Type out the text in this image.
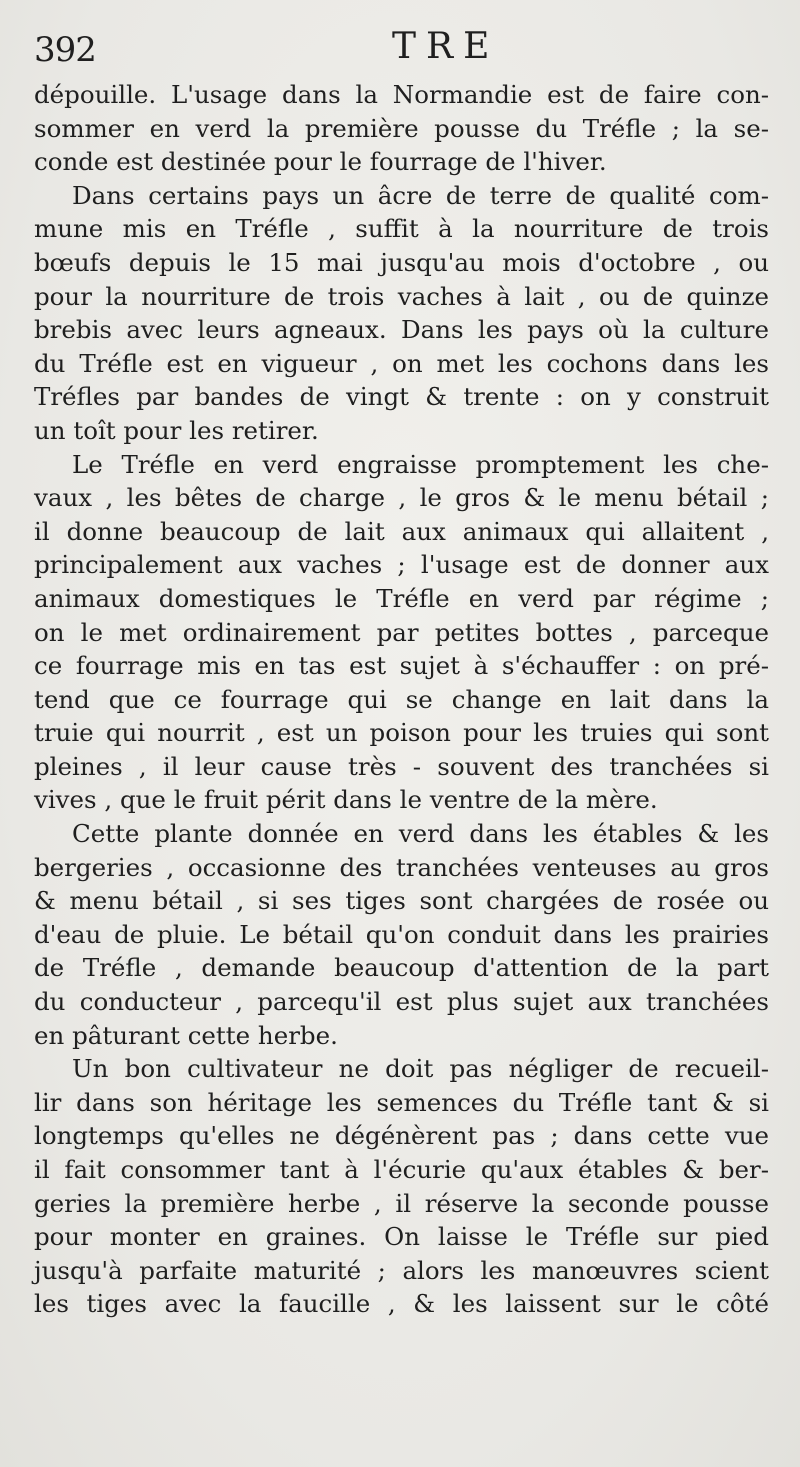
392	TRE
dépouille. L'usage dans la Normandie est de faire con-
sommer en verd la première pousse du Tréfle ; la se-
conde est destinée pour le fourrage de l'hiver.
Dans certains pays un âcre de terre de qualité com-
mune mis en Tréfle , suffit à la nourriture de trois
bœufs depuis le 15 mai jusqu'au mois d'octobre , ou
pour la nourriture de trois vaches à lait , ou de quinze
brebis avec leurs agneaux. Dans les pays où la culture
du Tréfle est en vigueur , on met les cochons dans les
Tréfles par bandes de vingt & trente : on y construit
un toît pour les retirer.
Le Tréfle en verd engraisse promptement les che-
vaux , les bêtes de charge , le gros & le menu bétail ;
il donne beaucoup de lait aux animaux qui allaitent ,
principalement aux vaches ; l'usage est de donner aux
animaux domestiques le Tréfle en verd par régime ;
on le met ordinairement par petites bottes , parceque
ce fourrage mis en tas est sujet à s'échauffer : on pré-
tend que ce fourrage qui se change en lait dans la
truie qui nourrit , est un poison pour les truies qui sont
pleines , il leur cause très - souvent des tranchées si
vives , que le fruit périt dans le ventre de la mère.
Cette plante donnée en verd dans les étables & les
bergeries , occasionne des tranchées venteuses au gros
& menu bétail , si ses tiges sont chargées de rosée ou
d'eau de pluie. Le bétail qu'on conduit dans les prairies
de Tréfle , demande beaucoup d'attention de la part
du conducteur , parcequ'il est plus sujet aux tranchées
en pâturant cette herbe.
Un bon cultivateur ne doit pas négliger de recueil-
lir dans son héritage les semences du Tréfle tant & si
longtemps qu'elles ne dégénèrent pas ; dans cette vue
il fait consommer tant à l'écurie qu'aux étables & ber-
geries la première herbe , il réserve la seconde pousse
pour monter en graines. On laisse le Tréfle sur pied
jusqu'à parfaite maturité ; alors les manœuvres scient
les tiges avec la faucille , & les laissent sur le côté
